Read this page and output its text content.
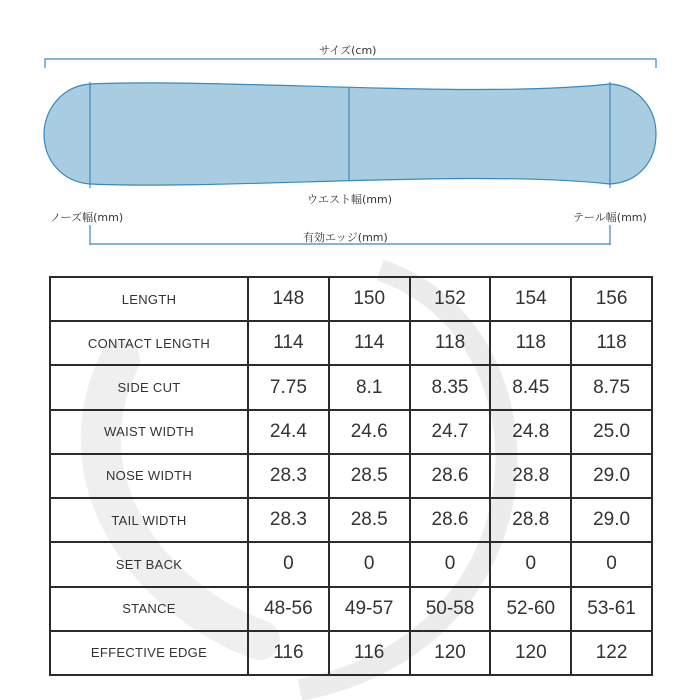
サイズ(cm)
ウエスト幅(mm)
ノーズ幅(mm)	テール幅(mm)
有効エッジ(mm)
LENGTH	148	150	152	154	156
CONTACT LENGTH	114	114	118	118	118
SIDE CUT	7.75	8.1	8.35	8.45	8.75
WAIST WIDTH	24.4	24.6	24.7	24.8	25.0
NOSE WIDTH	28.3	28.5	28.6	28.8	29.0
TAIL WIDTH	28.3	28.5	28.6	28.8	29.0
SET BACK	0	0	0	0	0
STANCE	48-56	49-57	50-58	52-60	53-61
EFFECTIVE EDGE	116	116	120	120	122
